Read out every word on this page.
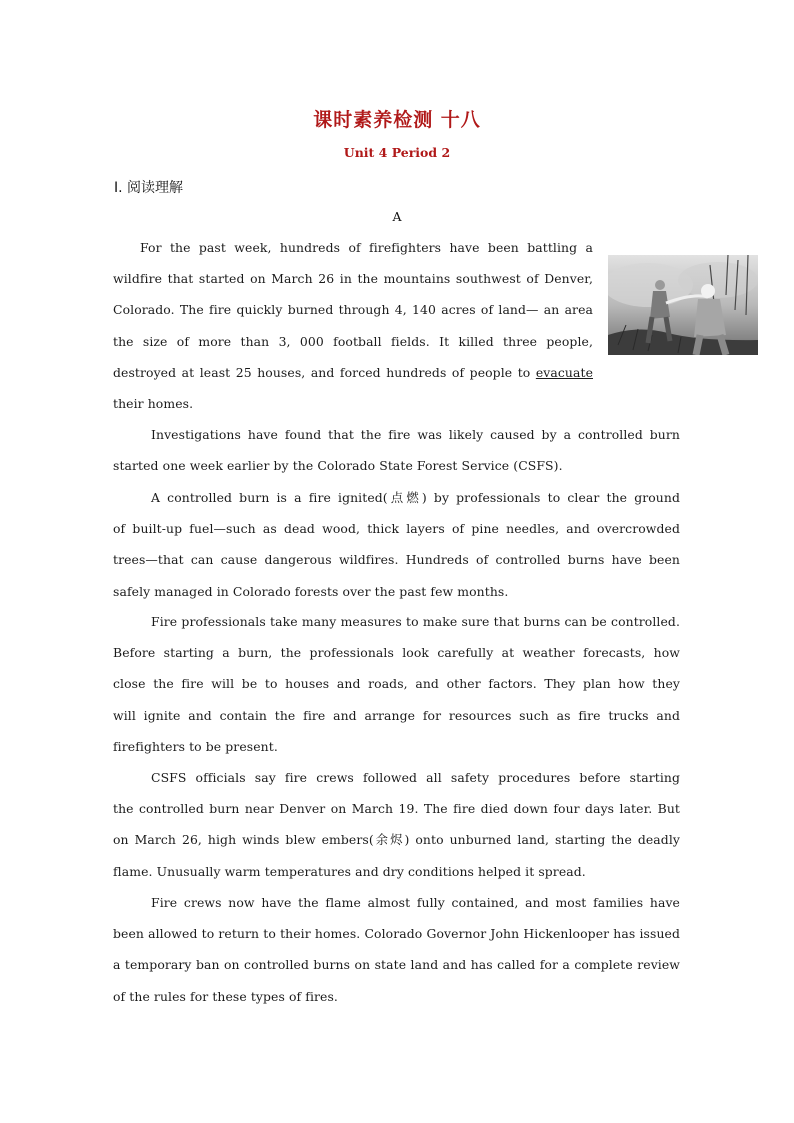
课时素养检测 十八
Unit 4 Period 2
Ⅰ. 阅读理解
A
For the past week, hundreds of firefighters have been battling a
wildfire that started on March 26 in the mountains southwest of Denver,
Colorado. The fire quickly burned through 4, 140 acres of land— an area
the size of more than 3, 000 football fields. It killed three people,
destroyed at least 25 houses, and forced hundreds of people to evacuate
their homes.
Investigations have found that the fire was likely caused by a controlled burn
started one week earlier by the Colorado State Forest Service (CSFS).
A controlled burn is a fire ignited(点燃) by professionals to clear the ground
of built-up fuel—such as dead wood, thick layers of pine needles, and overcrowded
trees—that can cause dangerous wildfires. Hundreds of controlled burns have been
safely managed in Colorado forests over the past few months.
Fire professionals take many measures to make sure that burns can be controlled.
Before starting a burn, the professionals look carefully at weather forecasts, how
close the fire will be to houses and roads, and other factors. They plan how they
will ignite and contain the fire and arrange for resources such as fire trucks and
firefighters to be present.
CSFS officials say fire crews followed all safety procedures before starting
the controlled burn near Denver on March 19. The fire died down four days later. But
on March 26, high winds blew embers(余烬) onto unburned land, starting the deadly
flame. Unusually warm temperatures and dry conditions helped it spread.
Fire crews now have the flame almost fully contained, and most families have
been allowed to return to their homes. Colorado Governor John Hickenlooper has issued
a temporary ban on controlled burns on state land and has called for a complete review
of the rules for these types of fires.
